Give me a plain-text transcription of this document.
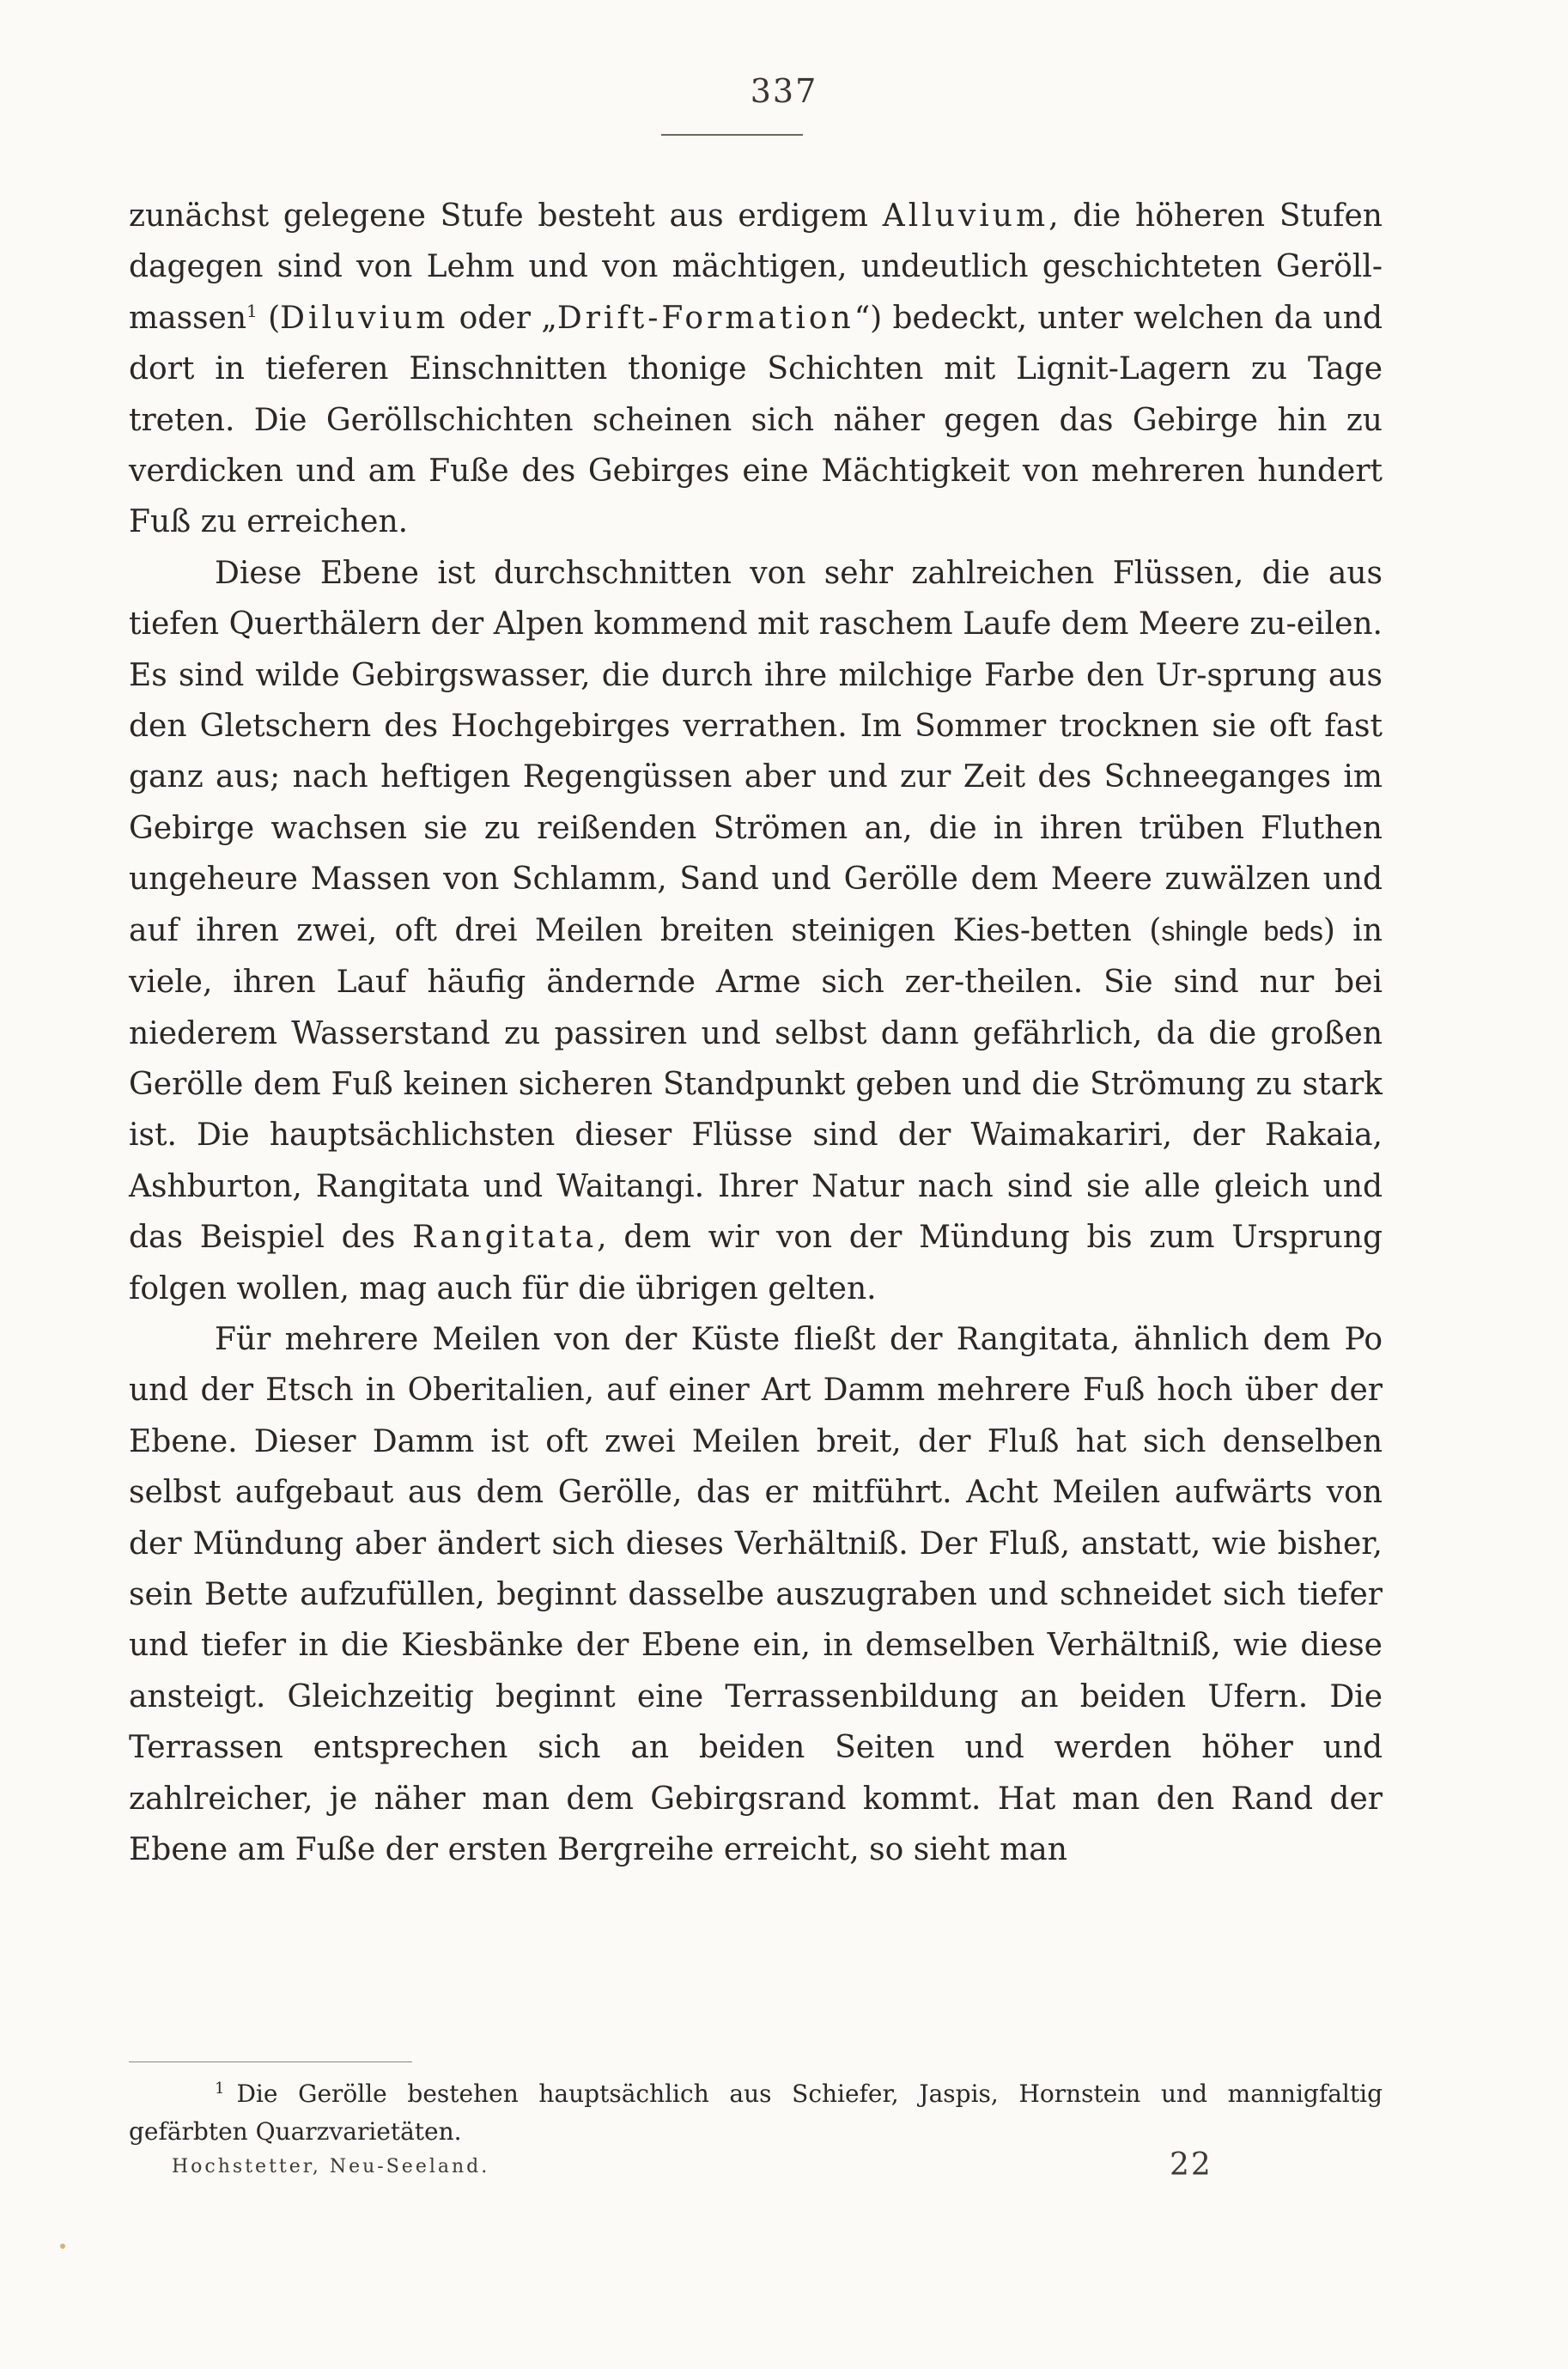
337

zunächst gelegene Stufe besteht aus erdigem Alluvium, die höheren Stufen dagegen sind von Lehm und von mächtigen, undeutlich geschichteten Geröll-massen$^1$ (Diluvium oder „Drift-Formation“) bedeckt, unter welchen da und dort in tieferen Einschnitten thonige Schichten mit Lignit-Lagern zu Tage treten. Die Geröllschichten scheinen sich näher gegen das Gebirge hin zu verdicken und am Fuße des Gebirges eine Mächtigkeit von mehreren hundert Fuß zu erreichen.

Diese Ebene ist durchschnitten von sehr zahlreichen Flüssen, die aus tiefen Querthälern der Alpen kommend mit raschem Laufe dem Meere zu-eilen. Es sind wilde Gebirgswasser, die durch ihre milchige Farbe den Ur-sprung aus den Gletschern des Hochgebirges verrathen. Im Sommer trocknen sie oft fast ganz aus; nach heftigen Regengüssen aber und zur Zeit des Schneeganges im Gebirge wachsen sie zu reißenden Strömen an, die in ihren trüben Fluthen ungeheure Massen von Schlamm, Sand und Gerölle dem Meere zuwälzen und auf ihren zwei, oft drei Meilen breiten steinigen Kies-betten (shingle beds) in viele, ihren Lauf häufig ändernde Arme sich zer-theilen. Sie sind nur bei niederem Wasserstand zu passiren und selbst dann gefährlich, da die großen Gerölle dem Fuß keinen sicheren Standpunkt geben und die Strömung zu stark ist. Die hauptsächlichsten dieser Flüsse sind der Waimakariri, der Rakaia, Ashburton, Rangitata und Waitangi. Ihrer Natur nach sind sie alle gleich und das Beispiel des Rangitata, dem wir von der Mündung bis zum Ursprung folgen wollen, mag auch für die übrigen gelten.

Für mehrere Meilen von der Küste fließt der Rangitata, ähnlich dem Po und der Etsch in Oberitalien, auf einer Art Damm mehrere Fuß hoch über der Ebene. Dieser Damm ist oft zwei Meilen breit, der Fluß hat sich denselben selbst aufgebaut aus dem Gerölle, das er mitführt. Acht Meilen aufwärts von der Mündung aber ändert sich dieses Verhältniß. Der Fluß, anstatt, wie bisher, sein Bette aufzufüllen, beginnt dasselbe auszugraben und schneidet sich tiefer und tiefer in die Kiesbänke der Ebene ein, in demselben Verhältniß, wie diese ansteigt. Gleichzeitig beginnt eine Terrassenbildung an beiden Ufern. Die Terrassen entsprechen sich an beiden Seiten und werden höher und zahlreicher, je näher man dem Gebirgsrand kommt. Hat man den Rand der Ebene am Fuße der ersten Bergreihe erreicht, so sieht man

$^1$ Die Gerölle bestehen hauptsächlich aus Schiefer, Jaspis, Hornstein und mannigfaltig gefärbten Quarzvarietäten.
Hochstetter, Neu-Seeland.	22
